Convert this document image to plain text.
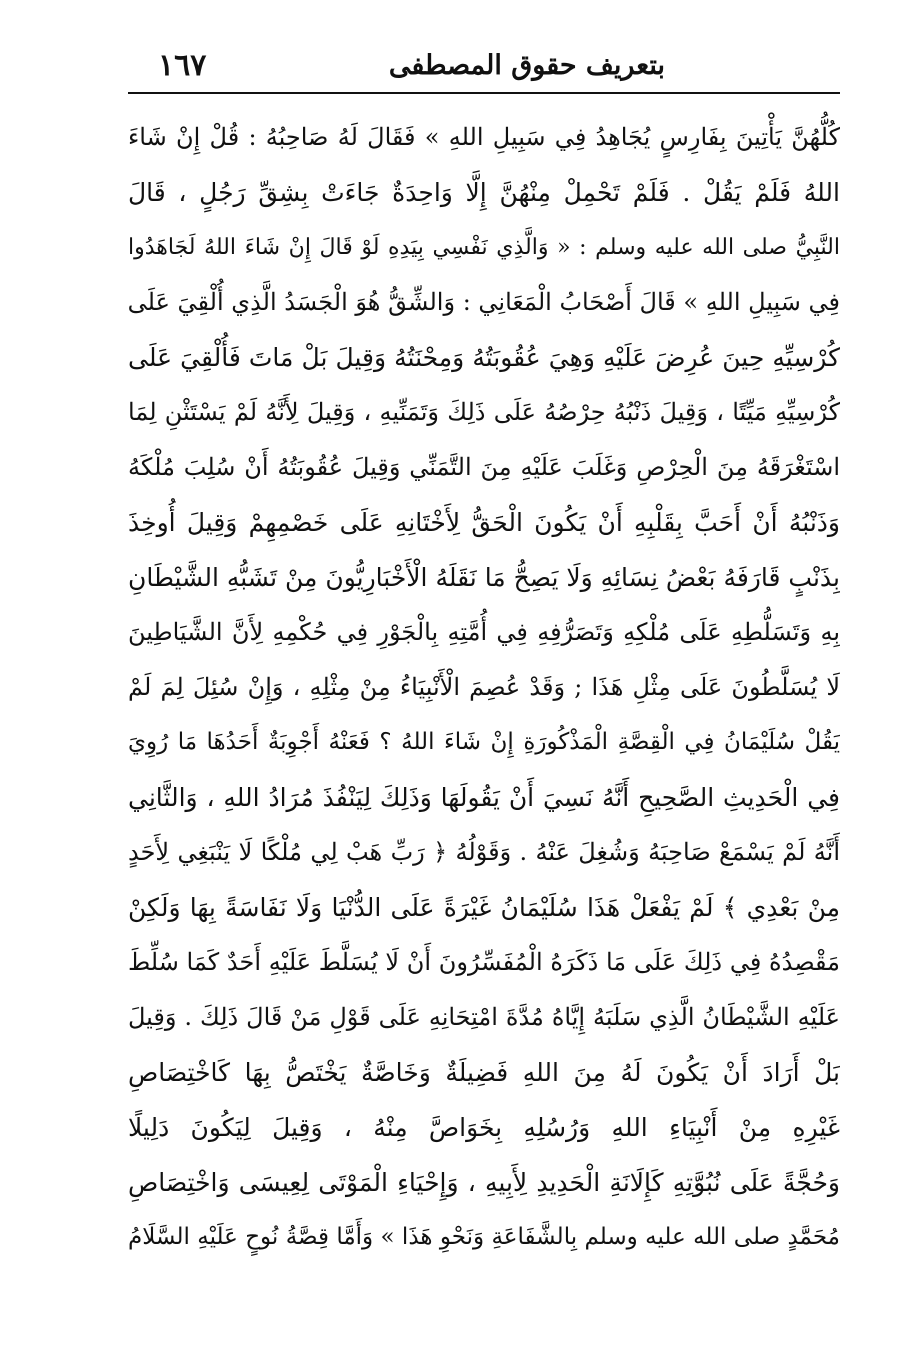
بتعريف حقوق المصطفى
١٦٧
كُلُّهُنَّ يَأْتِينَ بِفَارِسٍ يُجَاهِدُ فِي سَبِيلِ اللهِ » فَقَالَ لَهُ صَاحِبُهُ : قُلْ إِنْ شَاءَ
اللهُ فَلَمْ يَقُلْ . فَلَمْ تَحْمِلْ مِنْهُنَّ إِلَّا وَاحِدَةٌ جَاءَتْ بِشِقِّ رَجُلٍ ، قَالَ
النَّبِيُّ صلى الله عليه وسلم : « وَالَّذِي نَفْسِي بِيَدِهِ لَوْ قَالَ إِنْ شَاءَ اللهُ لَجَاهَدُوا
فِي سَبِيلِ اللهِ » قَالَ أَصْحَابُ الْمَعَانِي : وَالشِّقُّ هُوَ الْجَسَدُ الَّذِي أُلْقِيَ عَلَى
كُرْسِيِّهِ حِينَ عُرِضَ عَلَيْهِ وَهِيَ عُقُوبَتُهُ وَمِحْنَتُهُ وَقِيلَ بَلْ مَاتَ فَأُلْقِيَ عَلَى
كُرْسِيِّهِ مَيِّتًا ، وَقِيلَ ذَنْبُهُ حِرْصُهُ عَلَى ذَلِكَ وَتَمَنِّيهِ ، وَقِيلَ لِأَنَّهُ لَمْ يَسْتَثْنِ لِمَا
اسْتَغْرَقَهُ مِنَ الْحِرْصِ وَغَلَبَ عَلَيْهِ مِنَ التَّمَنِّي وَقِيلَ عُقُوبَتُهُ أَنْ سُلِبَ مُلْكَهُ
وَذَنْبُهُ أَنْ أَحَبَّ بِقَلْبِهِ أَنْ يَكُونَ الْحَقُّ لِأَخْتَانِهِ عَلَى خَصْمِهِمْ وَقِيلَ أُوخِذَ
بِذَنْبٍ قَارَفَهُ بَعْضُ نِسَائِهِ وَلَا يَصِحُّ مَا نَقَلَهُ الْأَخْبَارِيُّونَ مِنْ تَشَبُّهِ الشَّيْطَانِ
بِهِ وَتَسَلُّطِهِ عَلَى مُلْكِهِ وَتَصَرُّفِهِ فِي أُمَّتِهِ بِالْجَوْرِ فِي حُكْمِهِ لِأَنَّ الشَّيَاطِينَ
لَا يُسَلَّطُونَ عَلَى مِثْلِ هَذَا ; وَقَدْ عُصِمَ الْأَنْبِيَاءُ مِنْ مِثْلِهِ ، وَإِنْ سُئِلَ لِمَ لَمْ
يَقُلْ سُلَيْمَانُ فِي الْقِصَّةِ الْمَذْكُورَةِ إِنْ شَاءَ اللهُ ؟ فَعَنْهُ أَجْوِبَةٌ أَحَدُهَا مَا رُوِيَ
فِي الْحَدِيثِ الصَّحِيحِ أَنَّهُ نَسِيَ أَنْ يَقُولَهَا وَذَلِكَ لِيَنْفُذَ مُرَادُ اللهِ ، وَالثَّانِي
أَنَّهُ لَمْ يَسْمَعْ صَاحِبَهُ وَشُغِلَ عَنْهُ . وَقَوْلُهُ ﴿ رَبِّ هَبْ لِي مُلْكًا لَا يَنْبَغِي لِأَحَدٍ
مِنْ بَعْدِي ﴾ لَمْ يَفْعَلْ هَذَا سُلَيْمَانُ غَيْرَةً عَلَى الدُّنْيَا وَلَا نَفَاسَةً بِهَا وَلَكِنْ
مَقْصِدُهُ فِي ذَلِكَ عَلَى مَا ذَكَرَهُ الْمُفَسِّرُونَ أَنْ لَا يُسَلَّطَ عَلَيْهِ أَحَدٌ كَمَا سُلِّطَ
عَلَيْهِ الشَّيْطَانُ الَّذِي سَلَبَهُ إِيَّاهُ مُدَّةَ امْتِحَانِهِ عَلَى قَوْلِ مَنْ قَالَ ذَلِكَ . وَقِيلَ
بَلْ أَرَادَ أَنْ يَكُونَ لَهُ مِنَ اللهِ فَضِيلَةٌ وَخَاصَّةٌ يَخْتَصُّ بِهَا كَاخْتِصَاصِ
غَيْرِهِ مِنْ أَنْبِيَاءِ اللهِ وَرُسُلِهِ بِخَوَاصَّ مِنْهُ ، وَقِيلَ لِيَكُونَ دَلِيلًا
وَحُجَّةً عَلَى نُبُوَّتِهِ كَإِلَانَةِ الْحَدِيدِ لِأَبِيهِ ، وَإِحْيَاءِ الْمَوْتَى لِعِيسَى وَاخْتِصَاصِ
مُحَمَّدٍ صلى الله عليه وسلم بِالشَّفَاعَةِ وَنَحْوِ هَذَا » وَأَمَّا قِصَّةُ نُوحٍ عَلَيْهِ السَّلَامُ
